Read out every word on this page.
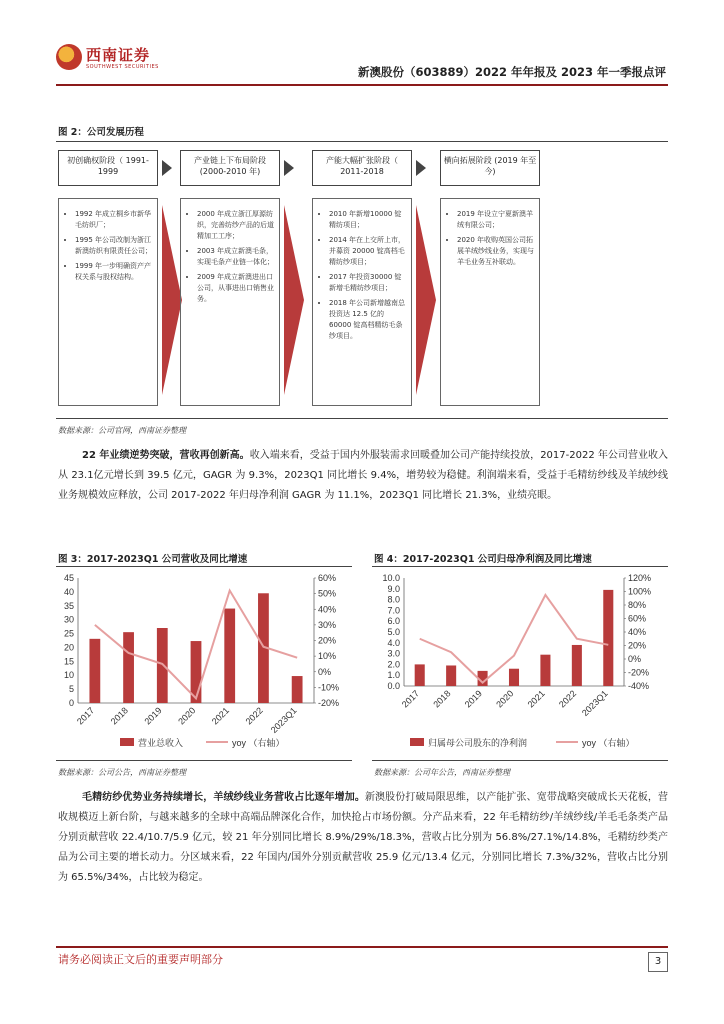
西南证券
SOUTHWEST SECURITIES	新澳股份（603889）2022 年年报及 2023 年一季报点评
图 2：公司发展历程
初创确权阶段（ 1991-1999
• 1992 年成立桐乡市新华毛纺织厂；
• 1995 年公司改制为浙江新澳纺织有限责任公司；
• 1999 年一步明确资产产权关系与股权结构。
产业链上下布局阶段 (2000-2010 年)
• 2000 年成立浙江厚源纺织，完善纺纱产品的后道精加工工序；
• 2003 年成立新澳毛条，实现毛条产业链一体化；
• 2009 年成立新澳进出口公司，从事进出口销售业务。
产能大幅扩张阶段（ 2011-2018
• 2010 年新增10000 锭精纺项目；
• 2014 年在上交所上市，并募资 20000 锭高档毛精纺纱项目；
• 2017 年投资30000 锭新增毛精纺纱项目；
• 2018 年公司新增越南总投资达 12.5 亿的 60000 锭高档精纺毛条纱项目。
横向拓展阶段 (2019 年至今)
• 2019 年设立宁夏新澳羊绒有限公司；
• 2020 年收购英国公司拓展羊绒纱线业务，实现与羊毛业务互补联动。
数据来源：公司官网，西南证券整理
22 年业绩逆势突破，营收再创新高。收入端来看，受益于国内外服装需求回暖叠加公司产能持续投放，2017-2022 年公司营业收入从 23.1亿元增长到 39.5 亿元，GAGR 为 9.3%，2023Q1 同比增长 9.4%，增势较为稳健。利润端来看，受益于毛精纺纱线及羊绒纱线业务规模效应释放，公司 2017-2022 年归母净利润 GAGR 为 11.1%，2023Q1 同比增长 21.3%，业绩亮眼。
图 3：2017-2023Q1 公司营收及同比增速	图 4：2017-2023Q1 公司归母净利润及同比增速
0
5
10
15
20
25
30
35
40
45
-20%
-10%
0%
10%
20%
30%
40%
50%
60%
2017 2018 2019 2020 2021 2022 2023Q1
营业总收入	yoy （右轴）
0.0
1.0
2.0
3.0
4.0
5.0
6.0
7.0
8.0
9.0
10.0
-40%
-20%
0%
20%
40%
60%
80%
100%
120%
2017 2018 2019 2020 2021 2022 2023Q1
归属母公司股东的净利润	yoy （右轴）
数据来源：公司公告，西南证券整理	数据来源：公司年公告，西南证券整理
毛精纺纱优势业务持续增长，羊绒纱线业务营收占比逐年增加。新澳股份打破局限思维，以产能扩张、宽带战略突破成长天花板，营收规模迈上新台阶，与越来越多的全球中高端品牌深化合作，加快抢占市场份额。分产品来看，22 年毛精纺纱/羊绒纱线/羊毛毛条类产品分别贡献营收 22.4/10.7/5.9 亿元，较 21 年分别同比增长 8.9%/29%/18.3%，营收占比分别为 56.8%/27.1%/14.8%，毛精纺纱类产品为公司主要的增长动力。分区域来看，22 年国内/国外分别贡献营收 25.9 亿元/13.4 亿元，分别同比增长 7.3%/32%，营收占比分别为 65.5%/34%，占比较为稳定。
请务必阅读正文后的重要声明部分	3
